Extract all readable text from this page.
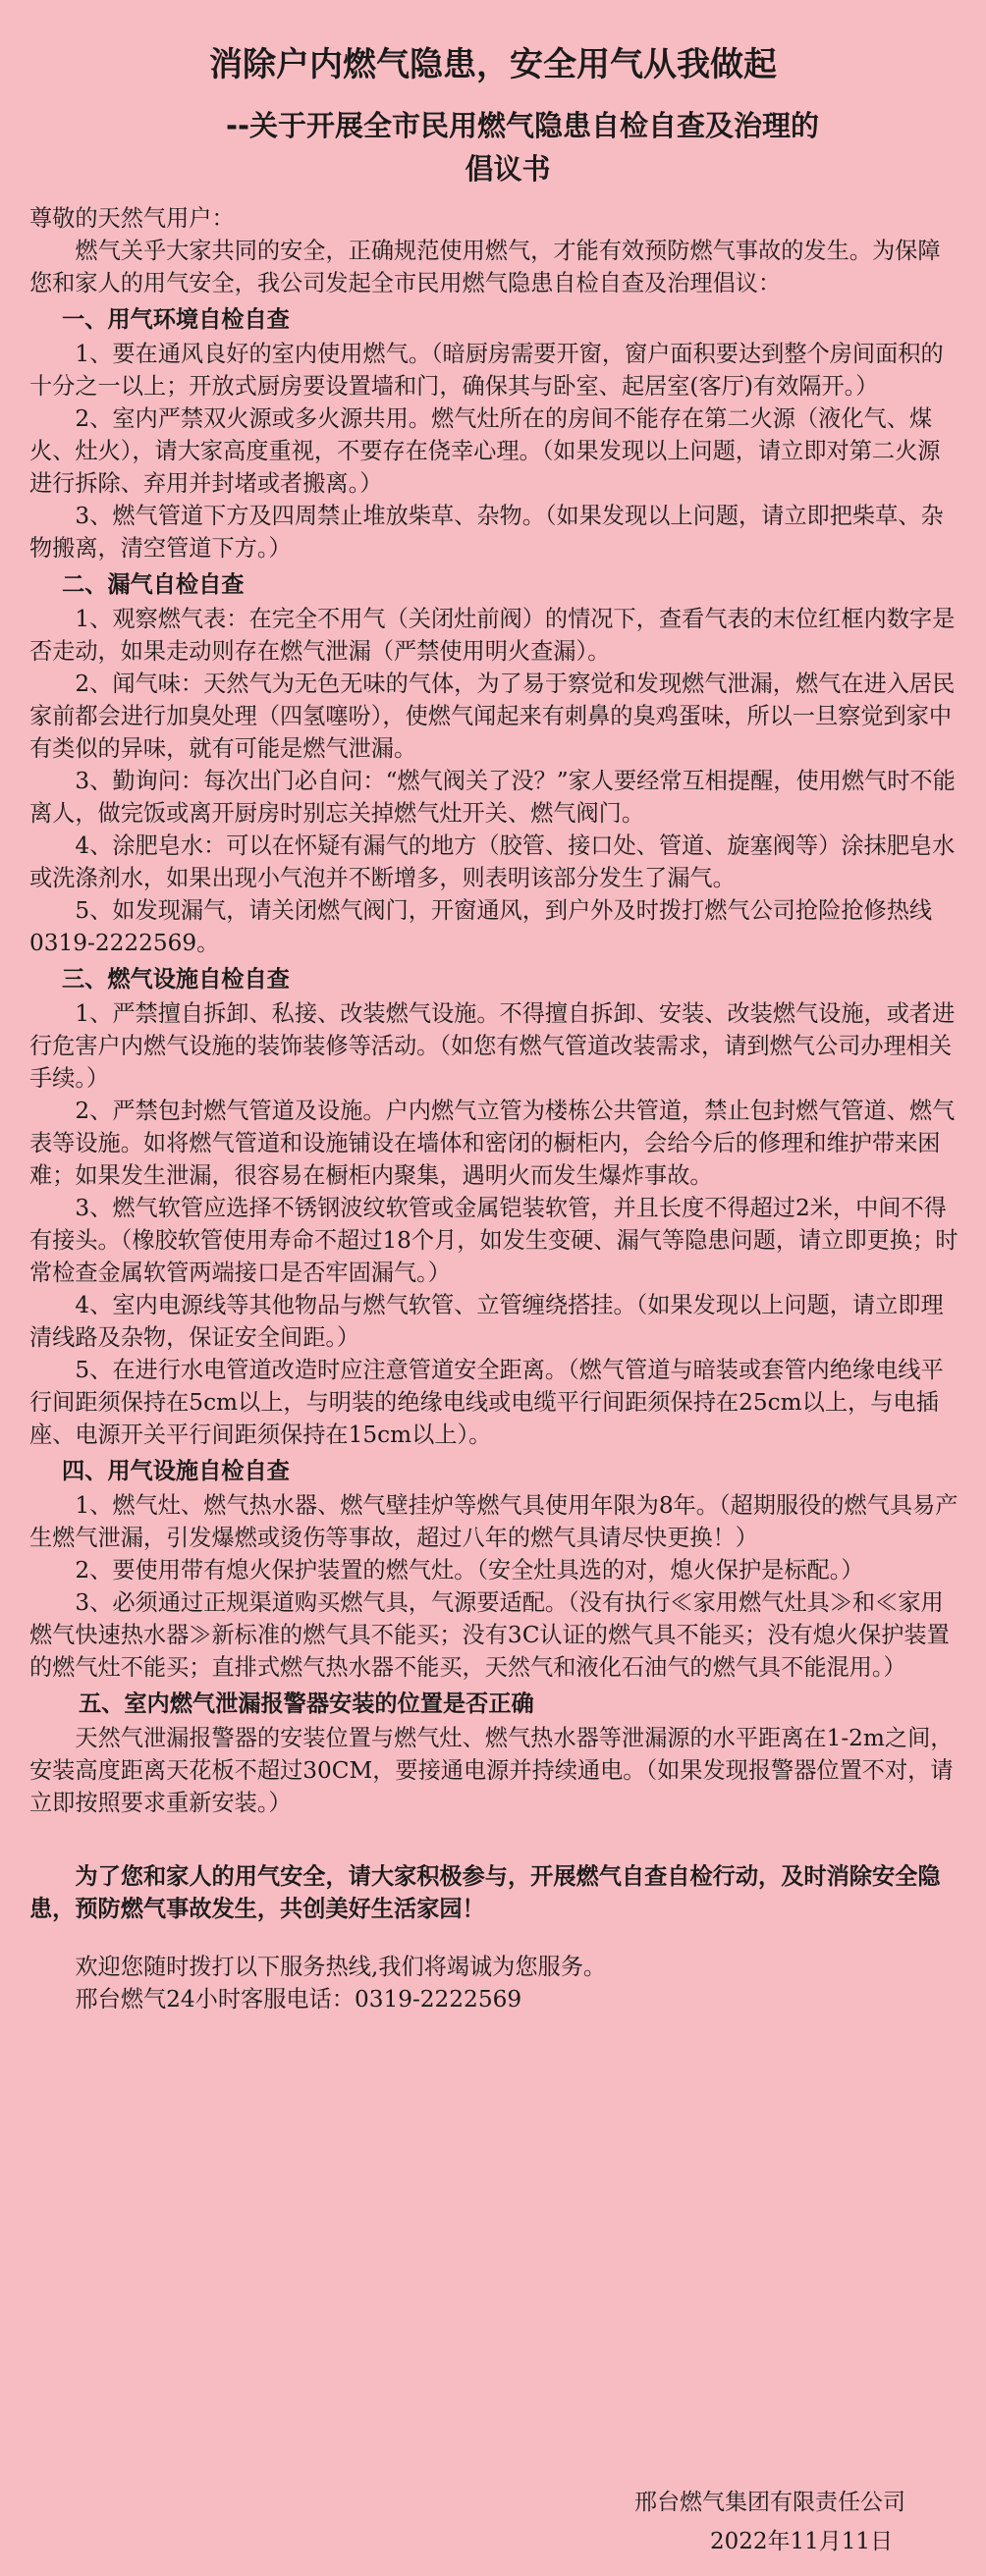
消除户内燃气隐患，安全用气从我做起
--关于开展全市民用燃气隐患自检自查及治理的
倡议书

尊敬的天然气用户：

燃气关乎大家共同的安全，正确规范使用燃气，才能有效预防燃气事故的发生。为保障您和家人的用气安全，我公司发起全市民用燃气隐患自检自查及治理倡议：

一、用气环境自检自查

1、要在通风良好的室内使用燃气。（暗厨房需要开窗，窗户面积要达到整个房间面积的十分之一以上；开放式厨房要设置墙和门，确保其与卧室、起居室(客厅)有效隔开。）

2、室内严禁双火源或多火源共用。燃气灶所在的房间不能存在第二火源（液化气、煤火、灶火），请大家高度重视，不要存在侥幸心理。（如果发现以上问题，请立即对第二火源进行拆除、弃用并封堵或者搬离。）

3、燃气管道下方及四周禁止堆放柴草、杂物。（如果发现以上问题，请立即把柴草、杂物搬离，清空管道下方。）

二、漏气自检自查

1、观察燃气表：在完全不用气（关闭灶前阀）的情况下，查看气表的末位红框内数字是否走动，如果走动则存在燃气泄漏（严禁使用明火查漏）。

2、闻气味：天然气为无色无味的气体，为了易于察觉和发现燃气泄漏，燃气在进入居民家前都会进行加臭处理（四氢噻吩），使燃气闻起来有刺鼻的臭鸡蛋味，所以一旦察觉到家中有类似的异味，就有可能是燃气泄漏。

3、勤询问：每次出门必自问：“燃气阀关了没？”家人要经常互相提醒，使用燃气时不能离人，做完饭或离开厨房时别忘关掉燃气灶开关、燃气阀门。

4、涂肥皂水：可以在怀疑有漏气的地方（胶管、接口处、管道、旋塞阀等）涂抹肥皂水或洗涤剂水，如果出现小气泡并不断增多，则表明该部分发生了漏气。

5、如发现漏气，请关闭燃气阀门，开窗通风，到户外及时拨打燃气公司抢险抢修热线0319-2222569。

三、燃气设施自检自查

1、严禁擅自拆卸、私接、改装燃气设施。不得擅自拆卸、安装、改装燃气设施，或者进行危害户内燃气设施的装饰装修等活动。（如您有燃气管道改装需求，请到燃气公司办理相关手续。）

2、严禁包封燃气管道及设施。户内燃气立管为楼栋公共管道，禁止包封燃气管道、燃气表等设施。如将燃气管道和设施铺设在墙体和密闭的橱柜内，会给今后的修理和维护带来困难；如果发生泄漏，很容易在橱柜内聚集，遇明火而发生爆炸事故。

3、燃气软管应选择不锈钢波纹软管或金属铠装软管，并且长度不得超过2米，中间不得有接头。（橡胶软管使用寿命不超过18个月，如发生变硬、漏气等隐患问题，请立即更换；时常检查金属软管两端接口是否牢固漏气。）

4、室内电源线等其他物品与燃气软管、立管缠绕搭挂。（如果发现以上问题，请立即理清线路及杂物，保证安全间距。）

5、在进行水电管道改造时应注意管道安全距离。（燃气管道与暗装或套管内绝缘电线平行间距须保持在5cm以上，与明装的绝缘电线或电缆平行间距须保持在25cm以上，与电插座、电源开关平行间距须保持在15cm以上）。

四、用气设施自检自查

1、燃气灶、燃气热水器、燃气壁挂炉等燃气具使用年限为8年。（超期服役的燃气具易产生燃气泄漏，引发爆燃或烫伤等事故，超过八年的燃气具请尽快更换！）

2、要使用带有熄火保护装置的燃气灶。（安全灶具选的对，熄火保护是标配。）

3、必须通过正规渠道购买燃气具，气源要适配。（没有执行≪家用燃气灶具≫和≪家用燃气快速热水器≫新标准的燃气具不能买；没有3C认证的燃气具不能买；没有熄火保护装置的燃气灶不能买；直排式燃气热水器不能买，天然气和液化石油气的燃气具不能混用。）

五、室内燃气泄漏报警器安装的位置是否正确

天然气泄漏报警器的安装位置与燃气灶、燃气热水器等泄漏源的水平距离在1-2m之间，安装高度距离天花板不超过30CM，要接通电源并持续通电。（如果发现报警器位置不对，请立即按照要求重新安装。）

为了您和家人的用气安全，请大家积极参与，开展燃气自查自检行动，及时消除安全隐患，预防燃气事故发生，共创美好生活家园！

欢迎您随时拨打以下服务热线,我们将竭诚为您服务。

邢台燃气24小时客服电话：0319-2222569

邢台燃气集团有限责任公司
2022年11月11日
